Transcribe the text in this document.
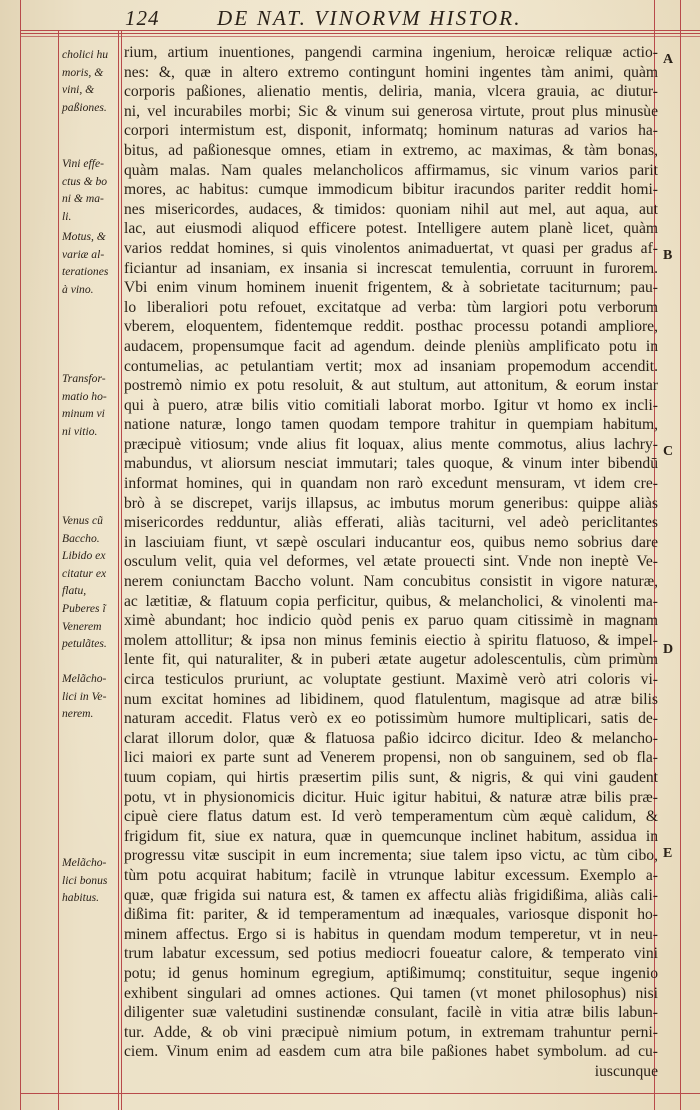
124	DE NAT. VINORVM HISTOR.
rium, artium inuentiones, pangendi carmina ingenium, heroicæ reliquæ actio-
nes: &, quæ in altero extremo contingunt homini ingentes tàm animi, quàm
corporis paßiones, alienatio mentis, deliria, mania, vlcera grauia, ac diutur-
ni, vel incurabiles morbi; Sic & vinum sui generosa virtute, prout plus minusùe
corpori intermistum est, disponit, informatq; hominum naturas ad varios ha-
bitus, ad paßionesque omnes, etiam in extremo, ac maximas, & tàm bonas,
quàm malas. Nam quales melancholicos affirmamus, sic vinum varios parit
mores, ac habitus: cumque immodicum bibitur iracundos pariter reddit homi-
nes misericordes, audaces, & timidos: quoniam nihil aut mel, aut aqua, aut
lac, aut eiusmodi aliquod efficere potest. Intelligere autem planè licet, quàm
varios reddat homines, si quis vinolentos animaduertat, vt quasi per gradus af-
ficiantur ad insaniam, ex insania si increscat temulentia, corruunt in furorem.
Vbi enim vinum hominem inuenit frigentem, & à sobrietate taciturnum; pau-
lo liberaliori potu refouet, excitatque ad verba: tùm largiori potu verborum
vberem, eloquentem, fidentemque reddit. posthac processu potandi ampliore,
audacem, propensumque facit ad agendum. deinde pleniùs amplificato potu in
contumelias, ac petulantiam vertit; mox ad insaniam propemodum accendit.
postremò nimio ex potu resoluit, & aut stultum, aut attonitum, & eorum instar
qui à puero, atræ bilis vitio comitiali laborat morbo. Igitur vt homo ex incli-
natione naturæ, longo tamen quodam tempore trahitur in quempiam habitum,
præcipuè vitiosum; vnde alius fit loquax, alius mente commotus, alius lachry-
mabundus, vt aliorsum nesciat immutari; tales quoque, & vinum inter bibendū
informat homines, qui in quandam non rarò excedunt mensuram, vt idem cre-
brò à se discrepet, varijs illapsus, ac imbutus morum generibus: quippe aliàs
misericordes redduntur, aliàs efferati, aliàs taciturni, vel adeò periclitantes
in lasciuiam fiunt, vt sæpè osculari inducantur eos, quibus nemo sobrius dare
osculum velit, quia vel deformes, vel ætate prouecti sint. Vnde non ineptè Ve-
nerem coniunctam Baccho volunt. Nam concubitus consistit in vigore naturæ,
ac lætitiæ, & flatuum copia perficitur, quibus, & melancholici, & vinolenti ma-
ximè abundant; hoc indicio quòd penis ex paruo quam citissimè in magnam
molem attollitur; & ipsa non minus feminis eiectio à spiritu flatuoso, & impel-
lente fit, qui naturaliter, & in puberi ætate augetur adolescentulis, cùm primùm
circa testiculos pruriunt, ac voluptate gestiunt. Maximè verò atri coloris vi-
num excitat homines ad libidinem, quod flatulentum, magisque ad atræ bilis
naturam accedit. Flatus verò ex eo potissimùm humore multiplicari, satis de-
clarat illorum dolor, quæ & flatuosa paßio idcirco dicitur. Ideo & melancho-
lici maiori ex parte sunt ad Venerem propensi, non ob sanguinem, sed ob fla-
tuum copiam, qui hirtis præsertim pilis sunt, & nigris, & qui vini gaudent
potu, vt in physionomicis dicitur. Huic igitur habitui, & naturæ atræ bilis præ-
cipuè ciere flatus datum est. Id verò temperamentum cùm æquè calidum, &
frigidum fit, siue ex natura, quæ in quemcunque inclinet habitum, assidua in
progressu vitæ suscipit in eum incrementa; siue talem ipso victu, ac tùm cibo,
tùm potu acquirat habitum; facilè in vtrunque labitur excessum. Exemplo a-
quæ, quæ frigida sui natura est, & tamen ex affectu aliàs frigidißima, aliàs cali-
dißima fit: pariter, & id temperamentum ad inæquales, variosque disponit ho-
minem affectus. Ergo si is habitus in quendam modum temperetur, vt in neu-
trum labatur excessum, sed potius mediocri foueatur calore, & temperato vini
potu; id genus hominum egregium, aptißimumq; constituitur, seque ingenio
exhibent singulari ad omnes actiones. Qui tamen (vt monet philosophus) nisi
diligenter suæ valetudini sustinendæ consulant, facilè in vitia atræ bilis labun-
tur. Adde, & ob vini præcipuè nimium potum, in extremam trahuntur perni-
ciem. Vinum enim ad easdem cum atra bile paßiones habet symbolum. ad cu-
iuscunque
cholici hu
moris, &
vini, &
paßiones.
Vini effe-
ctus & bo
ni & ma-
li.
Motus, &
variæ al-
terationes
à vino.
Transfor-
matio ho-
minum vi
ni vitio.
Venus cũ
Baccho.
Libido ex
citatur ex
flatu,
Puberes ĩ
Venerem
petulãtes.
Melãcho-
lici in Ve-
nerem.
Melãcho-
lici bonus
habitus.
A
B
C
D
E
